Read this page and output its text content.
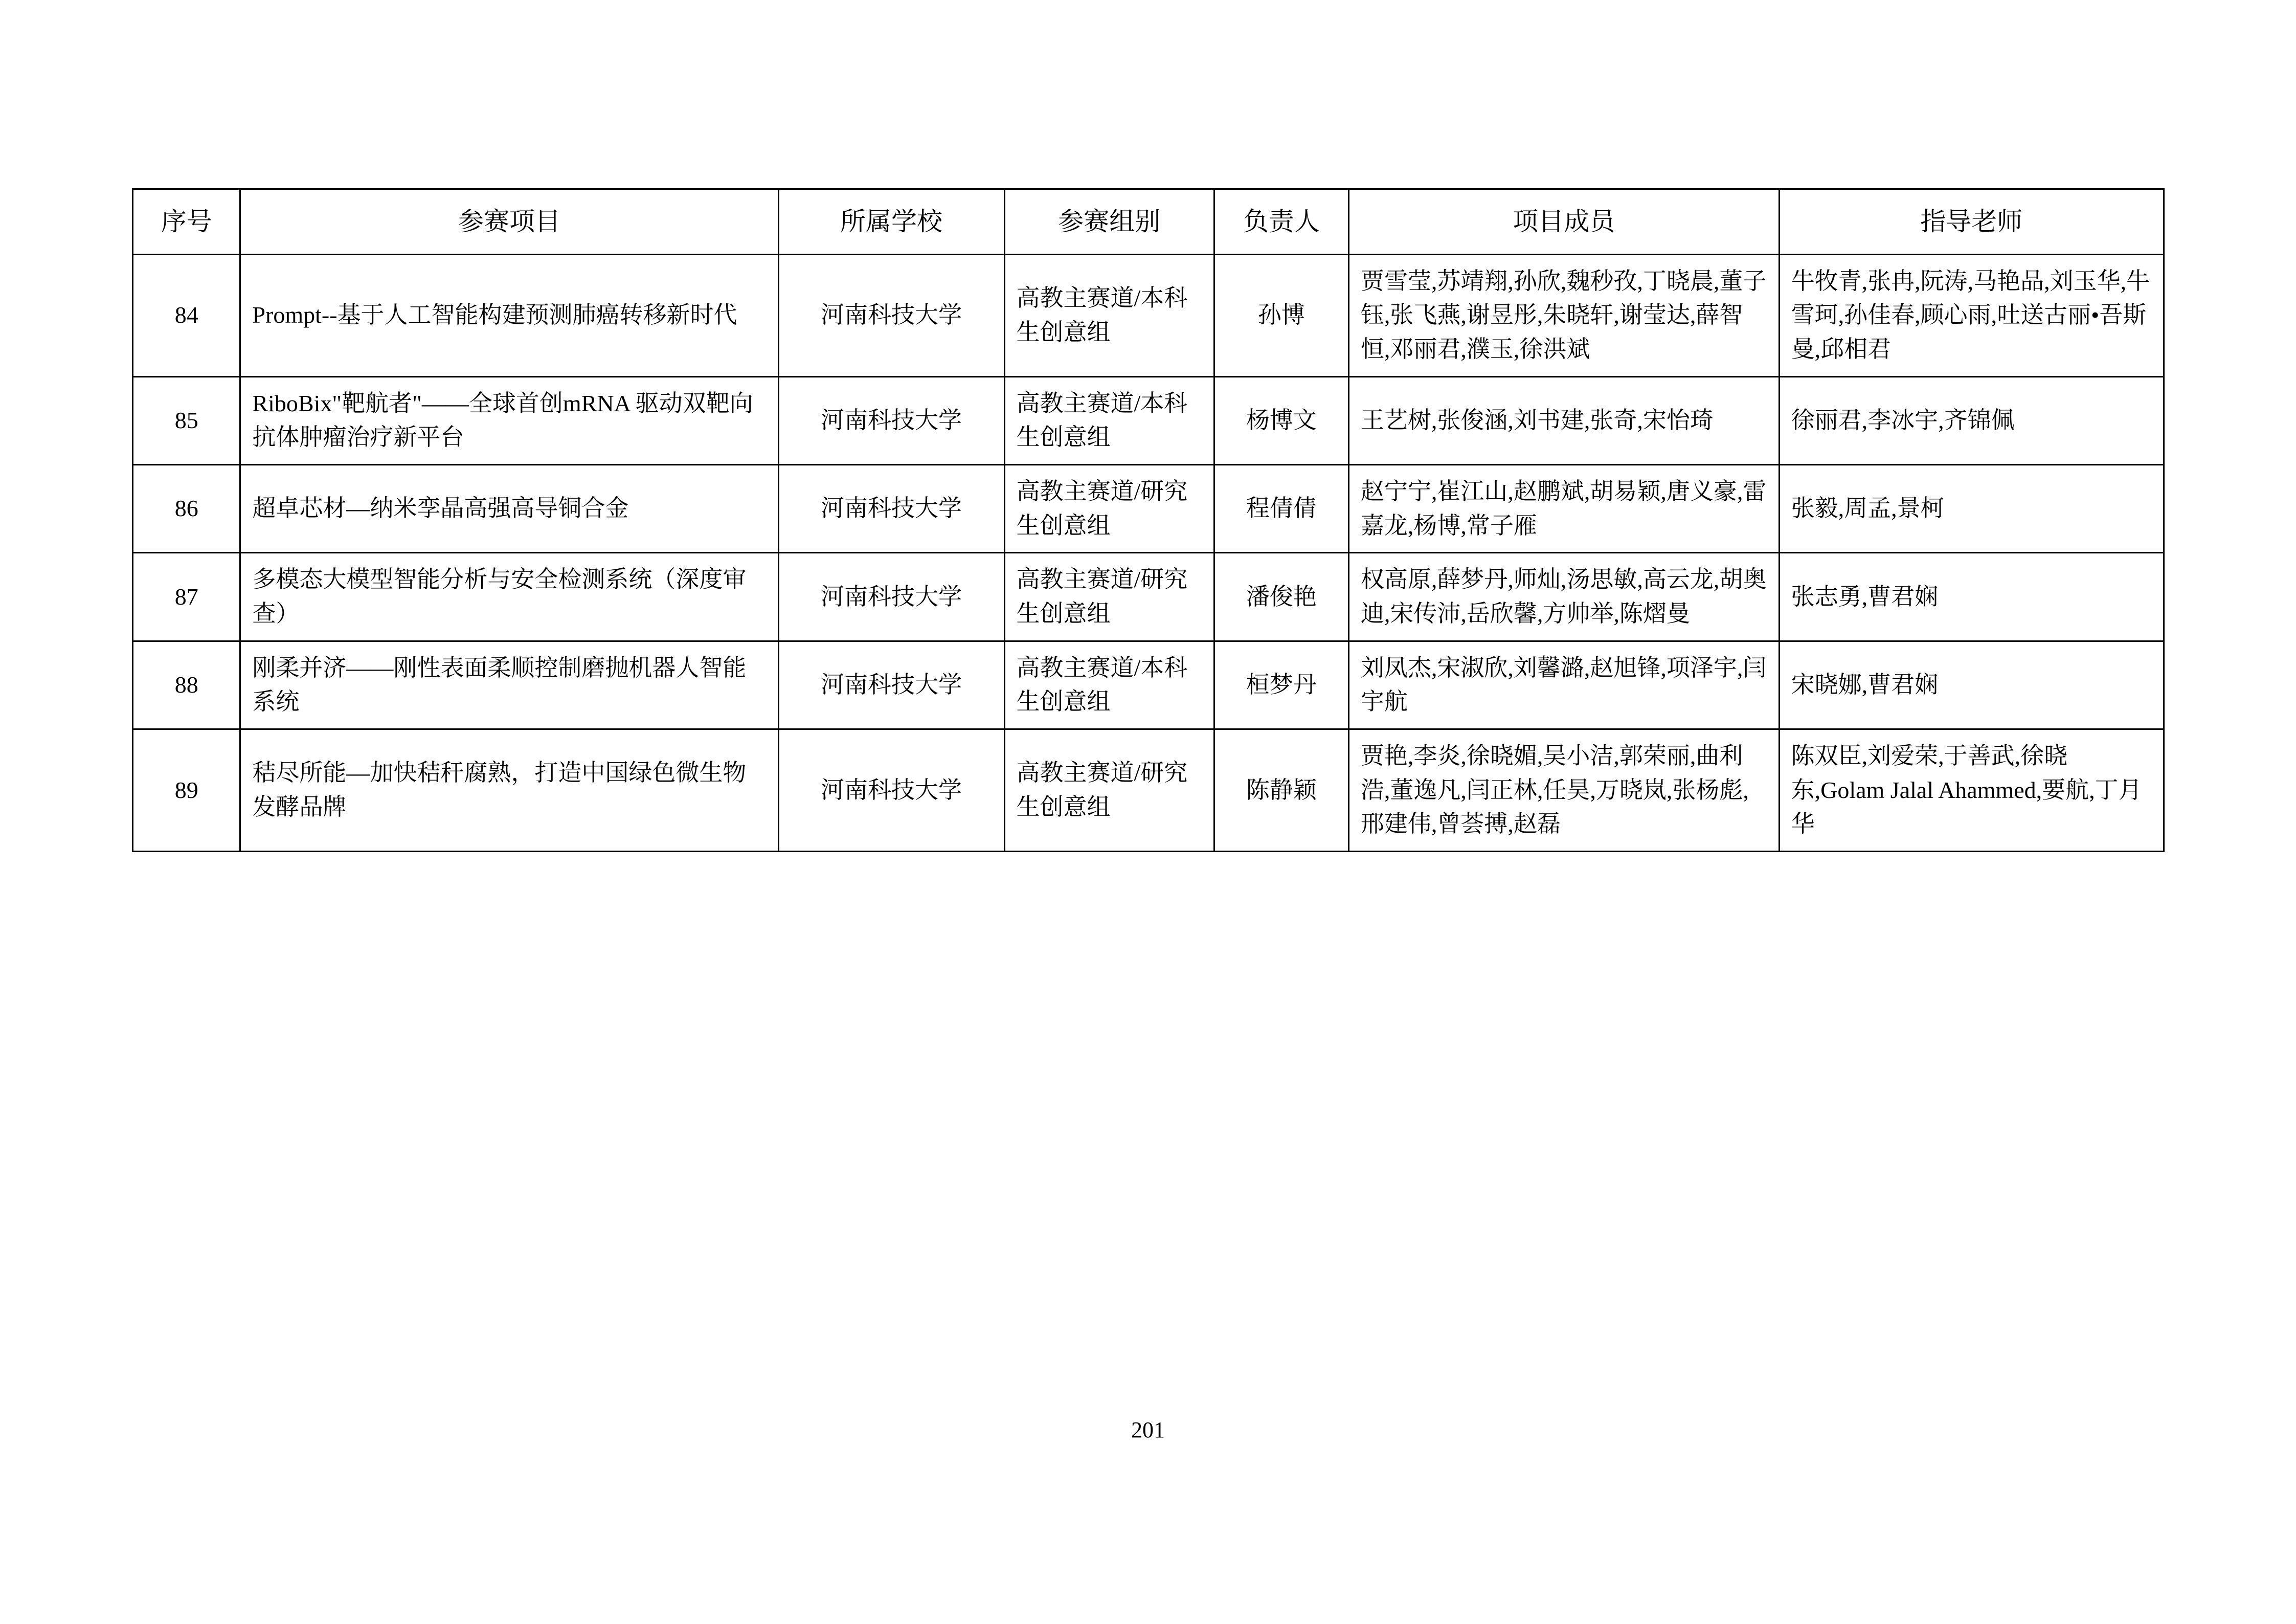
序号	参赛项目	所属学校	参赛组别	负责人	项目成员	指导老师
84	Prompt--基于人工智能构建预测肺癌转移新时代	河南科技大学	高教主赛道/本科生创意组	孙博	贾雪莹,苏靖翔,孙欣,魏秒孜,丁晓晨,董子钰,张飞燕,谢昱彤,朱晓轩,谢莹达,薛智恒,邓丽君,濮玉,徐洪斌	牛牧青,张冉,阮涛,马艳品,刘玉华,牛雪珂,孙佳春,顾心雨,吐送古丽•吾斯曼,邱相君
85	RiboBix"靶航者"——全球首创mRNA 驱动双靶向抗体肿瘤治疗新平台	河南科技大学	高教主赛道/本科生创意组	杨博文	王艺树,张俊涵,刘书建,张奇,宋怡琦	徐丽君,李冰宇,齐锦佩
86	超卓芯材—纳米孪晶高强高导铜合金	河南科技大学	高教主赛道/研究生创意组	程倩倩	赵宁宁,崔江山,赵鹏斌,胡易颖,唐义豪,雷嘉龙,杨博,常子雁	张毅,周孟,景柯
87	多模态大模型智能分析与安全检测系统（深度审查）	河南科技大学	高教主赛道/研究生创意组	潘俊艳	权高原,薛梦丹,师灿,汤思敏,高云龙,胡奥迪,宋传沛,岳欣馨,方帅举,陈熠曼	张志勇,曹君娴
88	刚柔并济——刚性表面柔顺控制磨抛机器人智能系统	河南科技大学	高教主赛道/本科生创意组	桓梦丹	刘凤杰,宋淑欣,刘馨潞,赵旭锋,项泽宇,闫宇航	宋晓娜,曹君娴
89	秸尽所能—加快秸秆腐熟，打造中国绿色微生物发酵品牌	河南科技大学	高教主赛道/研究生创意组	陈静颖	贾艳,李炎,徐晓媚,吴小洁,郭荣丽,曲利浩,董逸凡,闫正林,任昊,万晓岚,张杨彪,邢建伟,曾荟搏,赵磊	陈双臣,刘爱荣,于善武,徐晓东,Golam Jalal Ahammed,要航,丁月华
201
